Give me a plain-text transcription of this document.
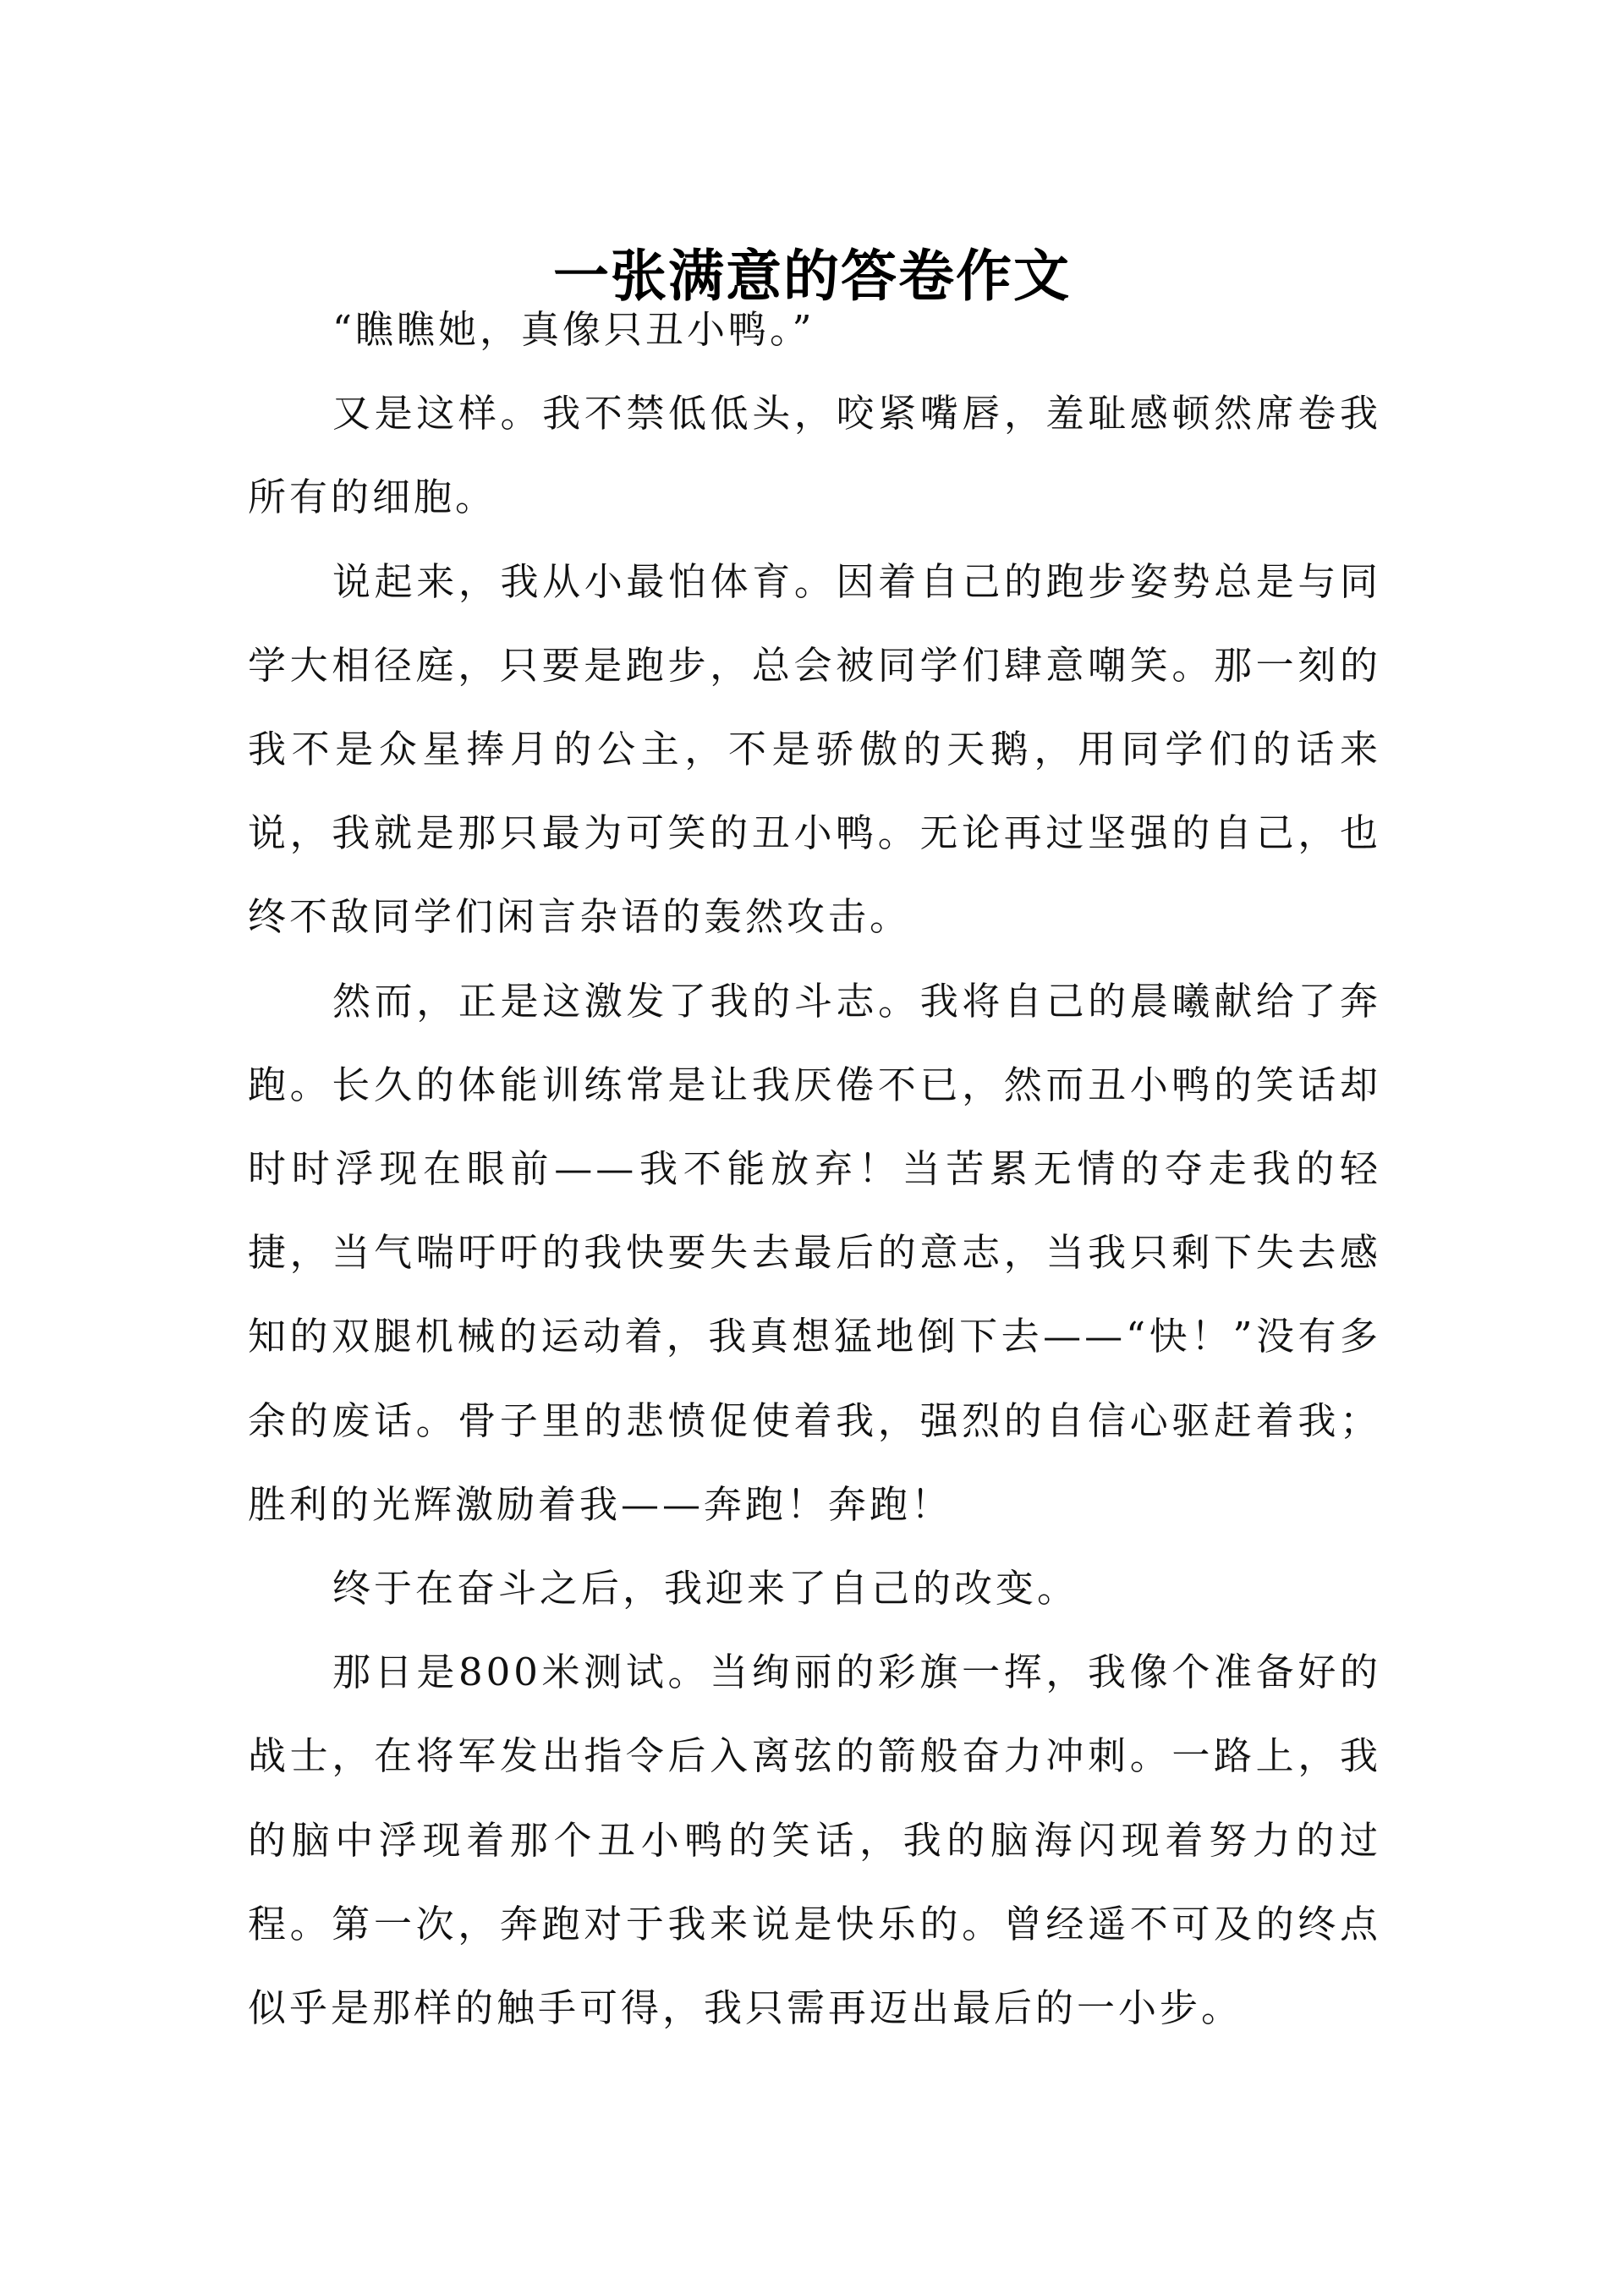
一张满意的答卷作文

“瞧瞧她，真像只丑小鸭。”

又是这样。我不禁低低头，咬紧嘴唇，羞耻感顿然席卷我所有的细胞。

说起来，我从小最怕体育。因着自己的跑步姿势总是与同学大相径庭，只要是跑步，总会被同学们肆意嘲笑。那一刻的我不是众星捧月的公主，不是骄傲的天鹅，用同学们的话来说，我就是那只最为可笑的丑小鸭。无论再过坚强的自己，也终不敌同学们闲言杂语的轰然攻击。

然而，正是这激发了我的斗志。我将自己的晨曦献给了奔跑。长久的体能训练常是让我厌倦不已，然而丑小鸭的笑话却时时浮现在眼前——我不能放弃！当苦累无情的夺走我的轻捷，当气喘吁吁的我快要失去最后的意志，当我只剩下失去感知的双腿机械的运动着，我真想猛地倒下去——“快！”没有多余的废话。骨子里的悲愤促使着我，强烈的自信心驱赶着我；胜利的光辉激励着我——奔跑！奔跑！

终于在奋斗之后，我迎来了自己的改变。

那日是800米测试。当绚丽的彩旗一挥，我像个准备好的战士，在将军发出指令后入离弦的箭般奋力冲刺。一路上，我的脑中浮现着那个丑小鸭的笑话，我的脑海闪现着努力的过程。第一次，奔跑对于我来说是快乐的。曾经遥不可及的终点似乎是那样的触手可得，我只需再迈出最后的一小步。
